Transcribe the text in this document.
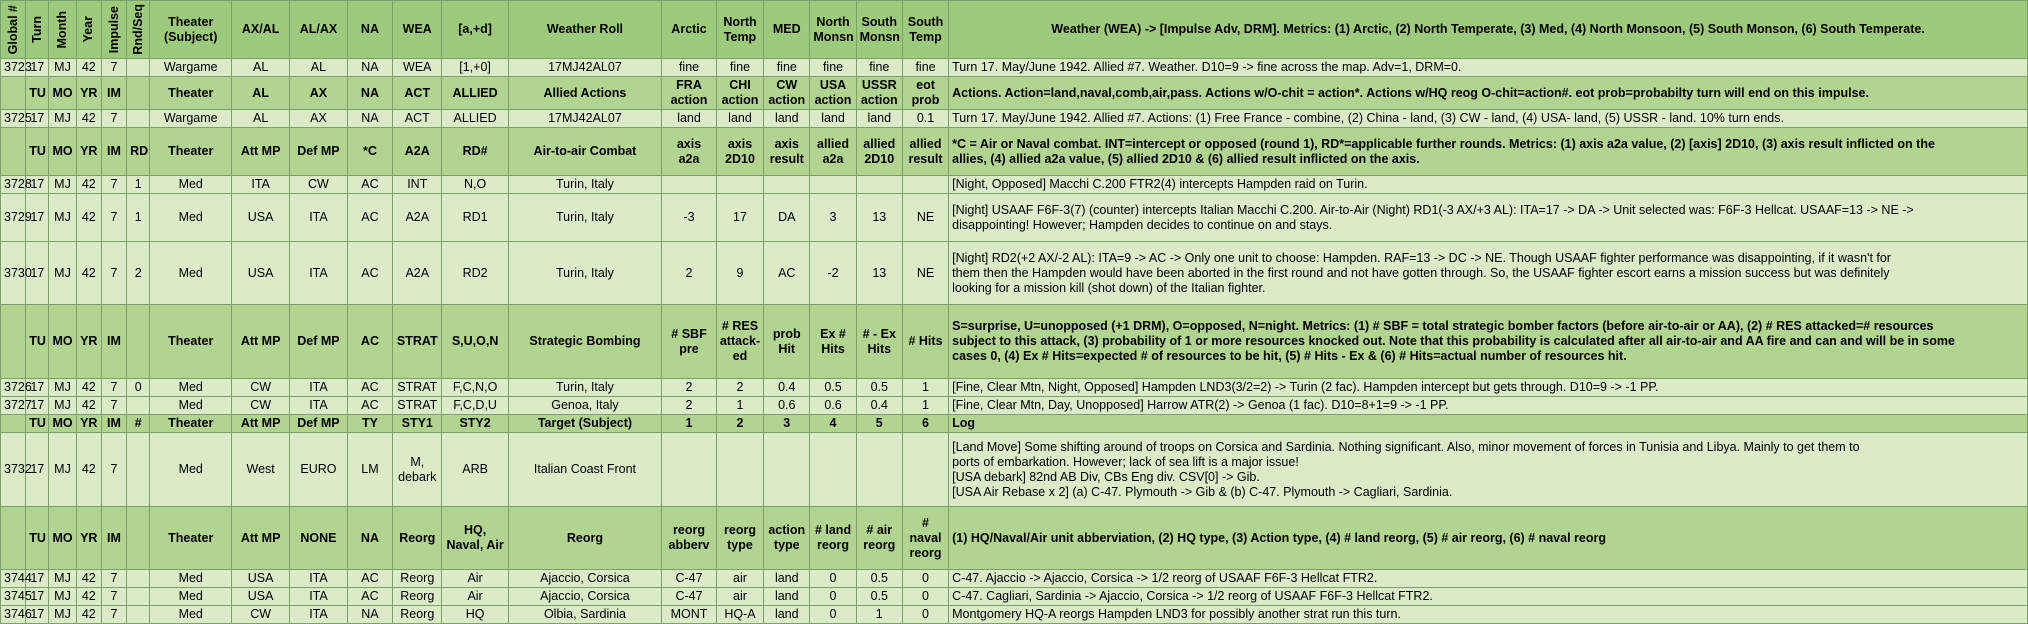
Global #	Turn	Month	Year	Impulse	Rnd/Seq	Theater (Subject)	AX/AL	AL/AX	NA	WEA	[a,+d]	Weather Roll	Arctic	North Temp	MED	North Monsn	South Monsn	South Temp	Weather (WEA) -> [Impulse Adv, DRM]. Metrics: (1) Arctic, (2) North Temperate, (3) Med, (4) North Monsoon, (5) South Monson, (6) South Temperate.
3723	17	MJ	42	7		Wargame	AL	AL	NA	WEA	[1,+0]	17MJ42AL07	fine	fine	fine	fine	fine	fine	Turn 17. May/June 1942. Allied #7. Weather. D10=9 -> fine across the map. Adv=1, DRM=0.

	TU	MO	YR	IM		Theater	AL	AX	NA	ACT	ALLIED	Allied Actions	FRA action	CHI action	CW action	USA action	USSR action	eot prob	Actions. Action=land,naval,comb,air,pass. Actions w/O-chit = action*. Actions w/HQ reog O-chit=action#. eot prob=probabilty turn will end on this impulse.

3725	17	MJ	42	7		Wargame	AL	AX	NA	ACT	ALLIED	17MJ42AL07	land	land	land	land	land	0.1	Turn 17. May/June 1942. Allied #7. Actions: (1) Free France - combine, (2) China - land, (3) CW - land, (4) USA- land, (5) USSR - land. 10% turn ends.

	TU	MO	YR	IM	RD	Theater	Att MP	Def MP	*C	A2A	RD#	Air-to-air Combat	axis a2a	axis 2D10	axis result	allied a2a	allied 2D10	allied result	*C = Air or Naval combat. INT=intercept or opposed (round 1), RD*=applicable further rounds. Metrics: (1) axis a2a value, (2) [axis] 2D10, (3) axis result inflicted on the
allies, (4) allied a2a value, (5) allied 2D10 & (6) allied result inflicted on the axis.

3728	17	MJ	42	7	1	Med	ITA	CW	AC	INT	N,O	Turin, Italy							[Night, Opposed] Macchi C.200 FTR2(4) intercepts Hampden raid on Turin.

3729	17	MJ	42	7	1	Med	USA	ITA	AC	A2A	RD1	Turin, Italy	-3	17	DA	3	13	NE	[Night] USAAF F6F-3(7) (counter) intercepts Italian Macchi C.200. Air-to-Air (Night) RD1(-3 AX/+3 AL): ITA=17 -> DA -> Unit selected was: F6F-3 Hellcat. USAAF=13 -> NE ->
disappointing! However; Hampden decides to continue on and stays.

3730	17	MJ	42	7	2	Med	USA	ITA	AC	A2A	RD2	Turin, Italy	2	9	AC	-2	13	NE	[Night] RD2(+2 AX/-2 AL): ITA=9 -> AC -> Only one unit to choose: Hampden. RAF=13 -> DC -> NE. Though USAAF fighter performance was disappointing, if it wasn't for
them then the Hampden would have been aborted in the first round and not have gotten through. So, the USAAF fighter escort earns a mission success but was definitely
looking for a mission kill (shot down) of the Italian fighter.

	TU	MO	YR	IM		Theater	Att MP	Def MP	AC	STRAT	S,U,O,N	Strategic Bombing	# SBF pre	# RES attack-ed	prob Hit	Ex # Hits	# - Ex Hits	# Hits	S=surprise, U=unopposed (+1 DRM), O=opposed, N=night. Metrics: (1) # SBF = total strategic bomber factors (before air-to-air or AA), (2) # RES attacked=# resources
subject to this attack, (3) probability of 1 or more resources knocked out. Note that this probability is calculated after all air-to-air and AA fire and can and will be in some
cases 0, (4) Ex # Hits=expected # of resources to be hit, (5) # Hits - Ex & (6) # Hits=actual number of resources hit.

3726	17	MJ	42	7	0	Med	CW	ITA	AC	STRAT	F,C,N,O	Turin, Italy	2	2	0.4	0.5	0.5	1	[Fine, Clear Mtn, Night, Opposed] Hampden LND3(3/2=2) -> Turin (2 fac). Hampden intercept but gets through. D10=9 -> -1 PP.

3727	17	MJ	42	7		Med	CW	ITA	AC	STRAT	F,C,D,U	Genoa, Italy	2	1	0.6	0.6	0.4	1	[Fine, Clear Mtn, Day, Unopposed] Harrow ATR(2) -> Genoa (1 fac). D10=8+1=9 -> -1 PP.

	TU	MO	YR	IM	#	Theater	Att MP	Def MP	TY	STY1	STY2	Target (Subject)	1	2	3	4	5	6	Log

3732	17	MJ	42	7		Med	West	EURO	LM	M, debark	ARB	Italian Coast Front							[Land Move] Some shifting around of troops on Corsica and Sardinia. Nothing significant. Also, minor movement of forces in Tunisia and Libya. Mainly to get them to
ports of embarkation. However; lack of sea lift is a major issue!
[USA debark] 82nd AB Div, CBs Eng div. CSV[0] -> Gib.
[USA Air Rebase x 2] (a) C-47. Plymouth -> Gib & (b) C-47. Plymouth -> Cagliari, Sardinia.

	TU	MO	YR	IM		Theater	Att MP	NONE	NA	Reorg	HQ, Naval, Air	Reorg	reorg abberv	reorg type	action type	# land reorg	# air reorg	# naval reorg	(1) HQ/Naval/Air unit abberviation, (2) HQ type, (3) Action type, (4) # land reorg, (5) # air reorg, (6) # naval reorg

3744	17	MJ	42	7		Med	USA	ITA	AC	Reorg	Air	Ajaccio, Corsica	C-47	air	land	0	0.5	0	C-47. Ajaccio -> Ajaccio, Corsica -> 1/2 reorg of USAAF F6F-3 Hellcat FTR2.

3745	17	MJ	42	7		Med	USA	ITA	AC	Reorg	Air	Ajaccio, Corsica	C-47	air	land	0	0.5	0	C-47. Cagliari, Sardinia -> Ajaccio, Corsica -> 1/2 reorg of USAAF F6F-3 Hellcat FTR2.

3746	17	MJ	42	7		Med	CW	ITA	NA	Reorg	HQ	Olbia, Sardinia	MONT	HQ-A	land	0	1	0	Montgomery HQ-A reorgs Hampden LND3 for possibly another strat run this turn.
